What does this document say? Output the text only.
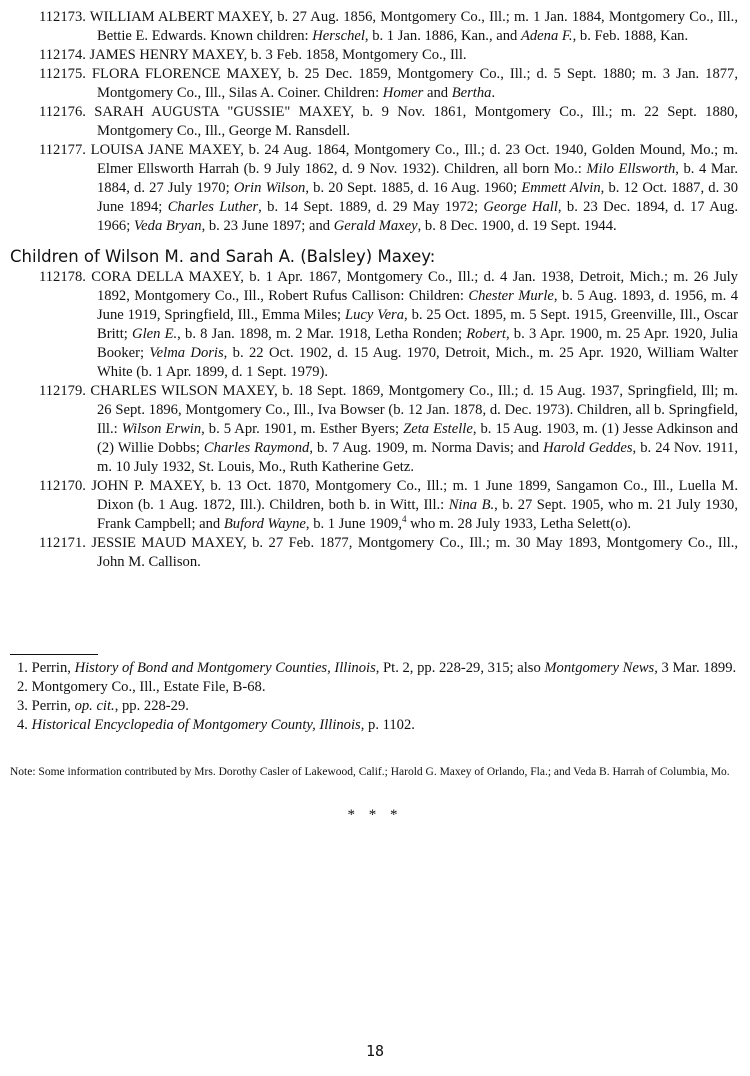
112173. WILLIAM ALBERT MAXEY, b. 27 Aug. 1856, Montgomery Co., Ill.; m. 1 Jan. 1884, Montgomery Co., Ill., Bettie E. Edwards. Known children: Herschel, b. 1 Jan. 1886, Kan., and Adena F., b. Feb. 1888, Kan.

112174. JAMES HENRY MAXEY, b. 3 Feb. 1858, Montgomery Co., Ill.

112175. FLORA FLORENCE MAXEY, b. 25 Dec. 1859, Montgomery Co., Ill.; d. 5 Sept. 1880; m. 3 Jan. 1877, Montgomery Co., Ill., Silas A. Coiner. Children: Homer and Bertha.

112176. SARAH AUGUSTA "GUSSIE" MAXEY, b. 9 Nov. 1861, Montgomery Co., Ill.; m. 22 Sept. 1880, Montgomery Co., Ill., George M. Ransdell.

112177. LOUISA JANE MAXEY, b. 24 Aug. 1864, Montgomery Co., Ill.; d. 23 Oct. 1940, Golden Mound, Mo.; m. Elmer Ellsworth Harrah (b. 9 July 1862, d. 9 Nov. 1932). Children, all born Mo.: Milo Ellsworth, b. 4 Mar. 1884, d. 27 July 1970; Orin Wilson, b. 20 Sept. 1885, d. 16 Aug. 1960; Emmett Alvin, b. 12 Oct. 1887, d. 30 June 1894; Charles Luther, b. 14 Sept. 1889, d. 29 May 1972; George Hall, b. 23 Dec. 1894, d. 17 Aug. 1966; Veda Bryan, b. 23 June 1897; and Gerald Maxey, b. 8 Dec. 1900, d. 19 Sept. 1944.

Children of Wilson M. and Sarah A. (Balsley) Maxey:

112178. CORA DELLA MAXEY, b. 1 Apr. 1867, Montgomery Co., Ill.; d. 4 Jan. 1938, Detroit, Mich.; m. 26 July 1892, Montgomery Co., Ill., Robert Rufus Callison: Children: Chester Murle, b. 5 Aug. 1893, d. 1956, m. 4 June 1919, Springfield, Ill., Emma Miles; Lucy Vera, b. 25 Oct. 1895, m. 5 Sept. 1915, Greenville, Ill., Oscar Britt; Glen E., b. 8 Jan. 1898, m. 2 Mar. 1918, Letha Ronden; Robert, b. 3 Apr. 1900, m. 25 Apr. 1920, Julia Booker; Velma Doris, b. 22 Oct. 1902, d. 15 Aug. 1970, Detroit, Mich., m. 25 Apr. 1920, William Walter White (b. 1 Apr. 1899, d. 1 Sept. 1979).

112179. CHARLES WILSON MAXEY, b. 18 Sept. 1869, Montgomery Co., Ill.; d. 15 Aug. 1937, Springfield, Ill; m. 26 Sept. 1896, Montgomery Co., Ill., Iva Bowser (b. 12 Jan. 1878, d. Dec. 1973). Children, all b. Springfield, Ill.: Wilson Erwin, b. 5 Apr. 1901, m. Esther Byers; Zeta Estelle, b. 15 Aug. 1903, m. (1) Jesse Adkinson and (2) Willie Dobbs; Charles Raymond, b. 7 Aug. 1909, m. Norma Davis; and Harold Geddes, b. 24 Nov. 1911, m. 10 July 1932, St. Louis, Mo., Ruth Katherine Getz.

112170. JOHN P. MAXEY, b. 13 Oct. 1870, Montgomery Co., Ill.; m. 1 June 1899, Sangamon Co., Ill., Luella M. Dixon (b. 1 Aug. 1872, Ill.). Children, both b. in Witt, Ill.: Nina B., b. 27 Sept. 1905, who m. 21 July 1930, Frank Campbell; and Buford Wayne, b. 1 June 1909,$^4$ who m. 28 July 1933, Letha Selett(o).

112171. JESSIE MAUD MAXEY, b. 27 Feb. 1877, Montgomery Co., Ill.; m. 30 May 1893, Montgomery Co., Ill., John M. Callison.

1. Perrin, History of Bond and Montgomery Counties, Illinois, Pt. 2, pp. 228-29, 315; also Montgomery News, 3 Mar. 1899.

2. Montgomery Co., Ill., Estate File, B-68.

3. Perrin, op. cit., pp. 228-29.

4. Historical Encyclopedia of Montgomery County, Illinois, p. 1102.

Note: Some information contributed by Mrs. Dorothy Casler of Lakewood, Calif.; Harold G. Maxey of Orlando, Fla.; and Veda B. Harrah of Columbia, Mo.

* * *
18
